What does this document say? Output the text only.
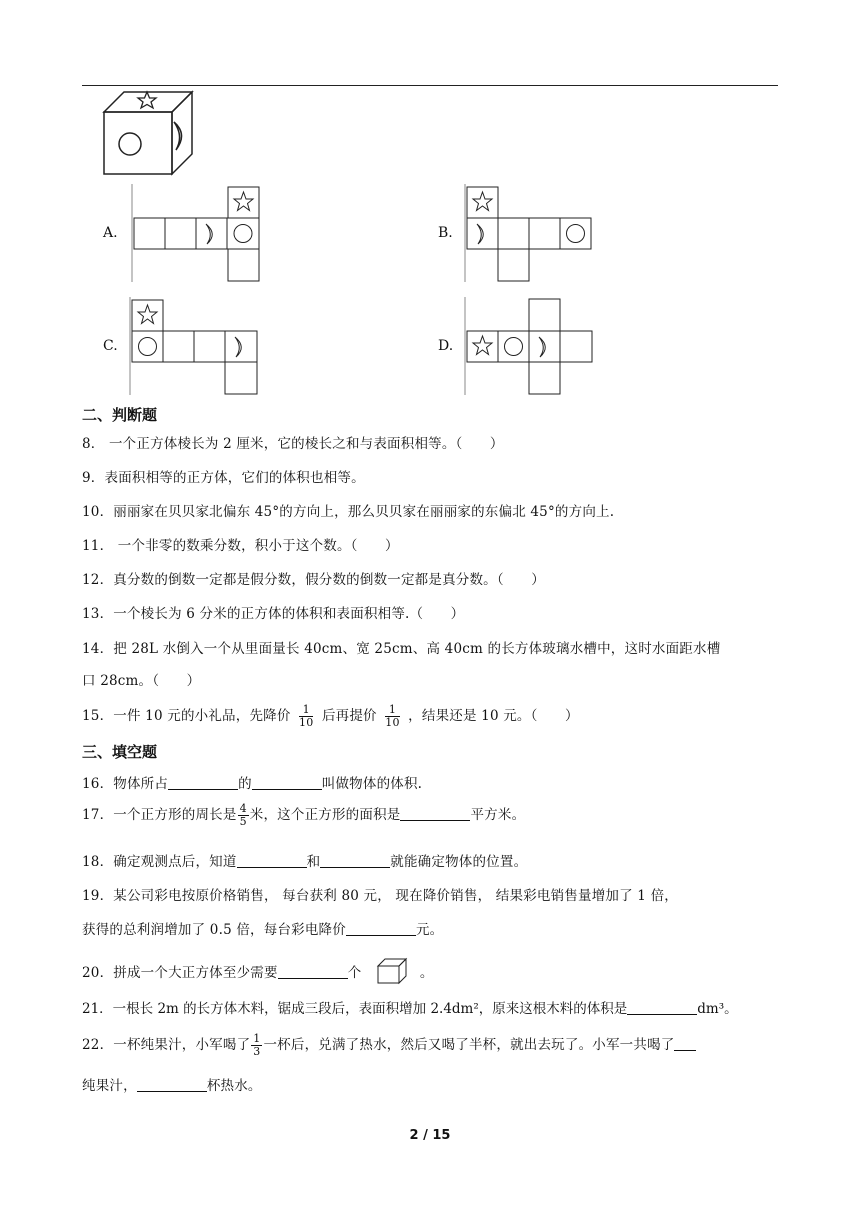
A.	B.
C.	D.
二、判断题
8． 一个正方体棱长为 2 厘米，它的棱长之和与表面积相等。（　　）
9．表面积相等的正方体，它们的体积也相等。
10．丽丽家在贝贝家北偏东 45°的方向上，那么贝贝家在丽丽家的东偏北 45°的方向上.
11． 一个非零的数乘分数，积小于这个数。（　　）
12．真分数的倒数一定都是假分数，假分数的倒数一定都是真分数。（　　）
13．一个棱长为 6 分米的正方体的体积和表面积相等.（　　）
14．把 28L 水倒入一个从里面量长 40cm、宽 25cm、高 40cm 的长方体玻璃水槽中，这时水面距水槽
口 28cm。（　　）
15．一件 10 元的小礼品，先降价 $\frac{1}{10}$ 后再提价 $\frac{1}{10}$ ，结果还是 10 元。（　　）
三、填空题
16．物体所占	的	叫做物体的体积.
17．一个正方形的周长是 $\frac{4}{5}$ 米，这个正方形的面积是	平方米。
18．确定观测点后，知道	和	就能确定物体的位置。
19．某公司彩电按原价格销售， 每台获利 80 元， 现在降价销售， 结果彩电销售量增加了 1 倍，
获得的总利润增加了 0.5 倍，每台彩电降价	元。
20．拼成一个大正方体至少需要	个	。
21．一根长 2m 的长方体木料，锯成三段后，表面积增加 2.4dm²，原来这根木料的体积是	dm³。
22．一杯纯果汁，小军喝了 $\frac{1}{3}$ 一杯后，兑满了热水，然后又喝了半杯，就出去玩了。小军一共喝了
纯果汁，	杯热水。
2 / 15
